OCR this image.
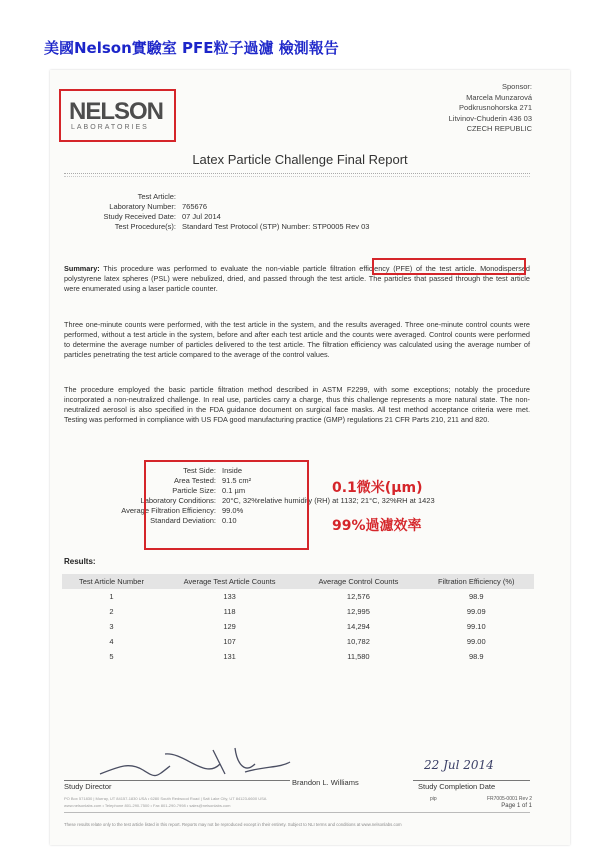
美國Nelson實驗室 PFE粒子過濾 檢測報告
NELSON
LABORATORIES
Sponsor:
Marcela Munzarová
Podkrusnohorska 271
Litvinov-Chuderin 436 03
CZECH REPUBLIC
Latex Particle Challenge Final Report
Test Article:
Laboratory Number: 765676
Study Received Date: 07 Jul 2014
Test Procedure(s): Standard Test Protocol (STP) Number: STP0005 Rev 03
Summary: This procedure was performed to evaluate the non-viable particle filtration efficiency (PFE) of the test article. Monodispersed polystyrene latex spheres (PSL) were nebulized, dried, and passed through the test article. The particles that passed through the test article were enumerated using a laser particle counter.
Three one-minute counts were performed, with the test article in the system, and the results averaged. Three one-minute control counts were performed, without a test article in the system, before and after each test article and the counts were averaged. Control counts were performed to determine the average number of particles delivered to the test article. The filtration efficiency was calculated using the average number of particles penetrating the test article compared to the average of the control values.
The procedure employed the basic particle filtration method described in ASTM F2299, with some exceptions; notably the procedure incorporated a non-neutralized challenge. In real use, particles carry a charge, thus this challenge represents a more natural state. The non-neutralized aerosol is also specified in the FDA guidance document on surgical face masks. All test method acceptance criteria were met. Testing was performed in compliance with US FDA good manufacturing practice (GMP) regulations 21 CFR Parts 210, 211 and 820.
Test Side: Inside
Area Tested: 91.5 cm²
Particle Size: 0.1 µm
Laboratory Conditions: 20°C, 32%relative humidity (RH) at 1132; 21°C, 32%RH at 1423
Average Filtration Efficiency: 99.0%
Standard Deviation: 0.10
0.1微米(µm)
99%過濾效率
Results:
Test Article Number	Average Test Article Counts	Average Control Counts	Filtration Efficiency (%)
1	133	12,576	98.9
2	118	12,995	99.09
3	129	14,294	99.10
4	107	10,782	99.00
5	131	11,580	98.9
Study Director	Brandon L. Williams
22 Jul 2014
Study Completion Date
pip	FR7005-0001 Rev 2
Page 1 of 1
PO Box 571830 | Murray, UT 84157-1830 USA • 6280 South Redwood Road | Salt Lake City, UT 84123-6600 USA
www.nelsonlabs.com • Telephone 801-290-7500 • Fax 801-290-7998 • sales@nelsonlabs.com
These results relate only to the test article listed in this report. Reports may not be reproduced except in their entirety. Subject to NLI terms and conditions at www.nelsonlabs.com
